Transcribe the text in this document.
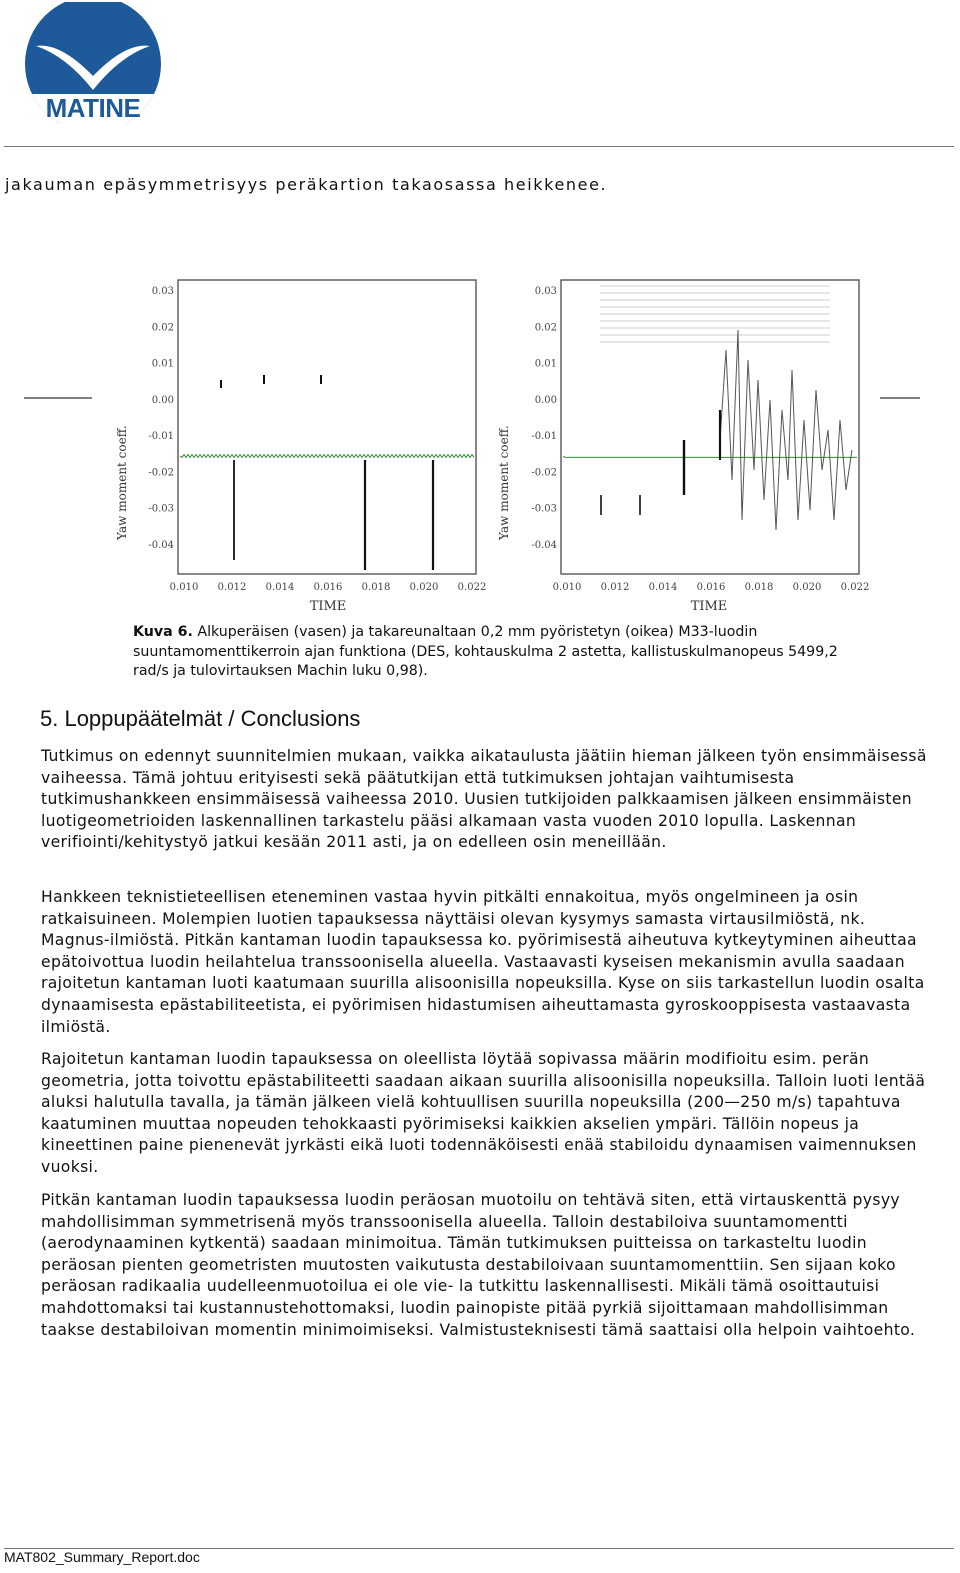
MATINE
jakauman epäsymmetrisyys peräkartion takaosassa heikkenee.
0.03
0.02
0.01
0.00
-0.01
-0.02
-0.03
-0.04
0.010 0.012 0.014 0.016 0.018 0.020 0.022
Yaw moment coeff.
TIME
0.03
0.02
0.01
0.00
-0.01
-0.02
-0.03
-0.04
0.010 0.012 0.014 0.016 0.018 0.020 0.022
Yaw moment coeff.
TIME
Kuva 6. Alkuperäisen (vasen) ja takareunaltaan 0,2 mm pyöristetyn (oikea) M33-luodin suuntamomenttikerroin ajan funktiona (DES, kohtauskulma 2 astetta, kallistuskulmanopeus 5499,2 rad/s ja tulovirtauksen Machin luku 0,98).
5. Loppupäätelmät / Conclusions

Tutkimus on edennyt suunnitelmien mukaan, vaikka aikataulusta jäätiin hieman jälkeen työn ensimmäisessä vaiheessa. Tämä johtuu erityisesti sekä päätutkijan että tutkimuksen johtajan vaihtumisesta tutkimushankkeen ensimmäisessä vaiheessa 2010. Uusien tutkijoiden palkkaamisen jälkeen ensimmäisten luotigeometrioiden laskennallinen tarkastelu pääsi alkamaan vasta vuoden 2010 lopulla. Laskennan verifiointi/kehitystyö jatkui kesään 2011 asti, ja on edelleen osin meneillään.

Hankkeen teknistieteellisen eteneminen vastaa hyvin pitkälti ennakoitua, myös ongelmineen ja osin ratkaisuineen. Molempien luotien tapauksessa näyttäisi olevan kysymys samasta virtausilmiöstä, nk. Magnus-ilmiöstä. Pitkän kantaman luodin tapauksessa ko. pyörimisestä aiheutuva kytkeytyminen aiheuttaa epätoivottua luodin heilahtelua transsoonisella alueella. Vastaavasti kyseisen mekanismin avulla saadaan rajoitetun kantaman luoti kaatumaan suurilla alisoonisilla nopeuksilla. Kyse on siis tarkastellun luodin osalta dynaamisesta epästabiliteetista, ei pyörimisen hidastumisen aiheuttamasta gyroskooppisesta vastaavasta ilmiöstä.

Rajoitetun kantaman luodin tapauksessa on oleellista löytää sopivassa määrin modifioitu esim. perän geometria, jotta toivottu epästabiliteetti saadaan aikaan suurilla alisoonisilla nopeuksilla. Talloin luoti lentää aluksi halutulla tavalla, ja tämän jälkeen vielä kohtuullisen suurilla nopeuksilla (200—250 m/s) tapahtuva kaatuminen muuttaa nopeuden tehokkaasti pyörimiseksi kaikkien akselien ympäri. Tällöin nopeus ja kineettinen paine pienenevät jyrkästi eikä luoti todennäköisesti enää stabiloidu dynaamisen vaimennuksen vuoksi.

Pitkän kantaman luodin tapauksessa luodin peräosan muotoilu on tehtävä siten, että virtauskenttä pysyy mahdollisimman symmetrisenä myös transsoonisella alueella. Talloin destabiloiva suuntamomentti (aerodynaaminen kytkentä) saadaan minimoitua. Tämän tutkimuksen puitteissa on tarkasteltu luodin peräosan pienten geometristen muutosten vaikutusta destabiloivaan suuntamomenttiin. Sen sijaan koko peräosan radikaalia uudelleenmuotoilua ei ole vie- la tutkittu laskennallisesti. Mikäli tämä osoittautuisi mahdottomaksi tai kustannustehottomaksi, luodin painopiste pitää pyrkiä sijoittamaan mahdollisimman taakse destabiloivan momentin minimoimiseksi. Valmistusteknisesti tämä saattaisi olla helpoin vaihtoehto.

MAT802_Summary_Report.doc
